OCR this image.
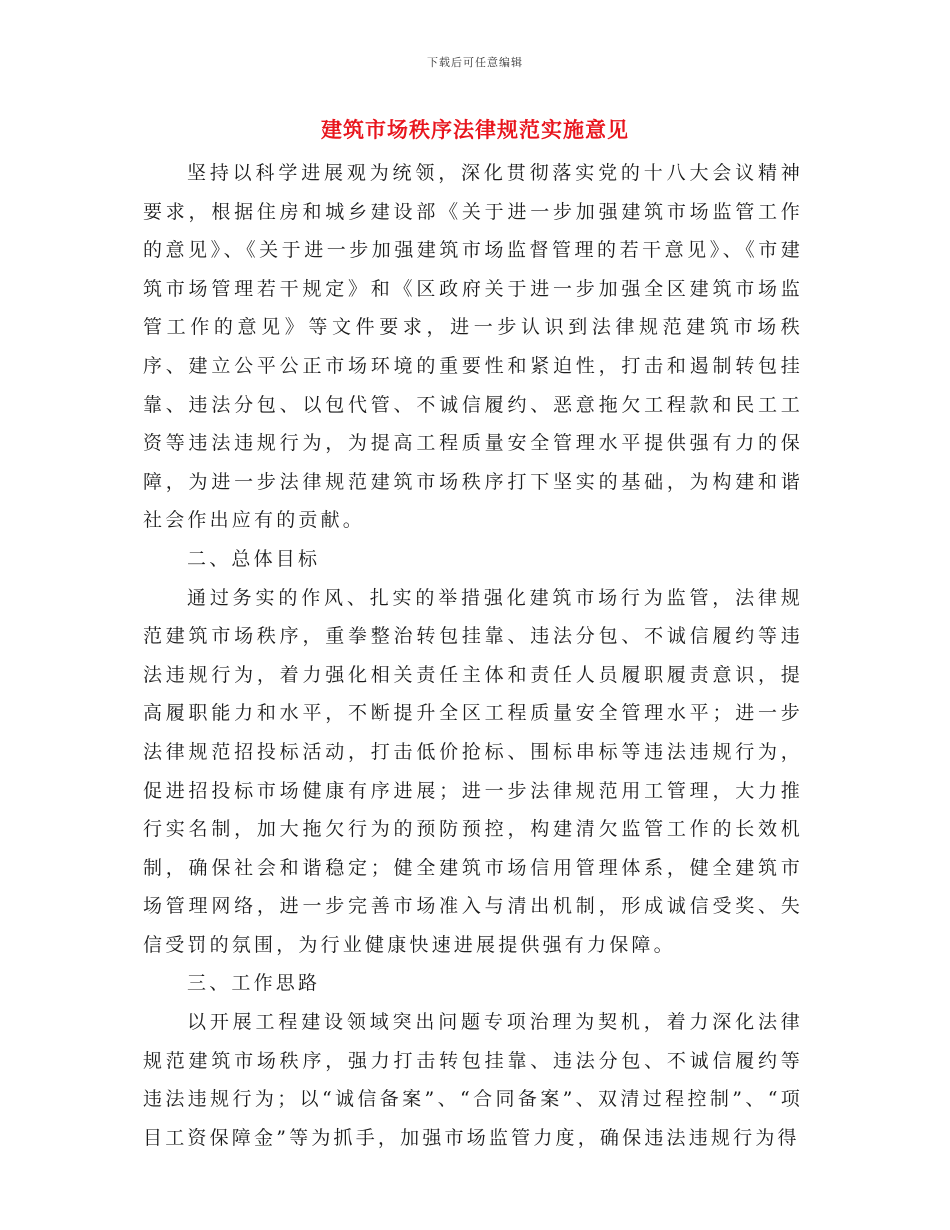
下载后可任意编辑
建筑市场秩序法律规范实施意见

坚持以科学进展观为统领，深化贯彻落实党的十八大会议精神要求，根据住房和城乡建设部《关于进一步加强建筑市场监管工作的意见》、《关于进一步加强建筑市场监督管理的若干意见》、《市建筑市场管理若干规定》和《区政府关于进一步加强全区建筑市场监管工作的意见》等文件要求，进一步认识到法律规范建筑市场秩序、建立公平公正市场环境的重要性和紧迫性，打击和遏制转包挂靠、违法分包、以包代管、不诚信履约、恶意拖欠工程款和民工工资等违法违规行为，为提高工程质量安全管理水平提供强有力的保障，为进一步法律规范建筑市场秩序打下坚实的基础，为构建和谐社会作出应有的贡献。

二、总体目标

通过务实的作风、扎实的举措强化建筑市场行为监管，法律规范建筑市场秩序，重拳整治转包挂靠、违法分包、不诚信履约等违法违规行为，着力强化相关责任主体和责任人员履职履责意识，提高履职能力和水平，不断提升全区工程质量安全管理水平；进一步法律规范招投标活动，打击低价抢标、围标串标等违法违规行为，促进招投标市场健康有序进展；进一步法律规范用工管理，大力推行实名制，加大拖欠行为的预防预控，构建清欠监管工作的长效机制，确保社会和谐稳定；健全建筑市场信用管理体系，健全建筑市场管理网络，进一步完善市场准入与清出机制，形成诚信受奖、失信受罚的氛围，为行业健康快速进展提供强有力保障。

三、工作思路

以开展工程建设领域突出问题专项治理为契机，着力深化法律规范建筑市场秩序，强力打击转包挂靠、违法分包、不诚信履约等违法违规行为；以“诚信备案”、“合同备案”、双清过程控制”、“项目工资保障金”等为抓手，加强市场监管力度，确保违法违规行为得
